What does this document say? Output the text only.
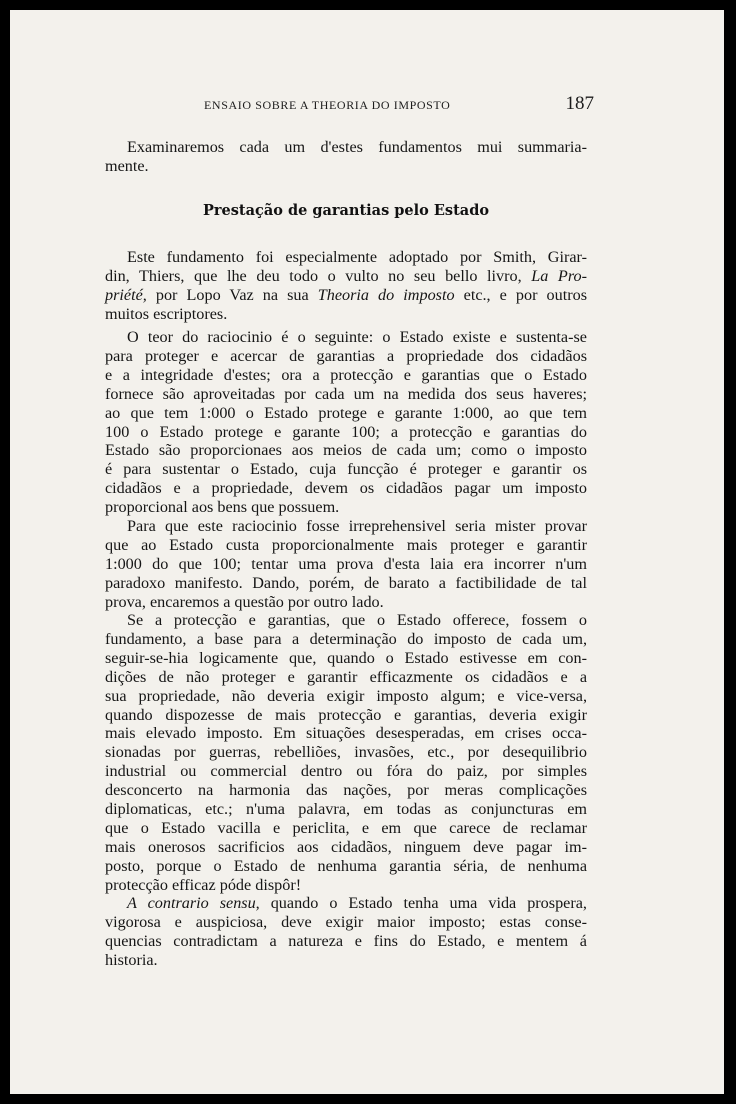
ENSAIO SOBRE A THEORIA DO IMPOSTO	187
Examinaremos cada um d'estes fundamentos mui summaria-
mente.
Prestação de garantias pelo Estado
Este fundamento foi especialmente adoptado por Smith, Girar-
din, Thiers, que lhe deu todo o vulto no seu bello livro, La Pro-
priété, por Lopo Vaz na sua Theoria do imposto etc., e por outros
muitos escriptores.
O teor do raciocinio é o seguinte: o Estado existe e sustenta-se
para proteger e acercar de garantias a propriedade dos cidadãos
e a integridade d'estes; ora a protecção e garantias que o Estado
fornece são aproveitadas por cada um na medida dos seus haveres;
ao que tem 1:000 o Estado protege e garante 1:000, ao que tem
100 o Estado protege e garante 100; a protecção e garantias do
Estado são proporcionaes aos meios de cada um; como o imposto
é para sustentar o Estado, cuja funcção é proteger e garantir os
cidadãos e a propriedade, devem os cidadãos pagar um imposto
proporcional aos bens que possuem.
Para que este raciocinio fosse irreprehensivel seria mister provar
que ao Estado custa proporcionalmente mais proteger e garantir
1:000 do que 100; tentar uma prova d'esta laia era incorrer n'um
paradoxo manifesto. Dando, porém, de barato a factibilidade de tal
prova, encaremos a questão por outro lado.
Se a protecção e garantias, que o Estado offerece, fossem o
fundamento, a base para a determinação do imposto de cada um,
seguir-se-hia logicamente que, quando o Estado estivesse em con-
dições de não proteger e garantir efficazmente os cidadãos e a
sua propriedade, não deveria exigir imposto algum; e vice-versa,
quando dispozesse de mais protecção e garantias, deveria exigir
mais elevado imposto. Em situações desesperadas, em crises occa-
sionadas por guerras, rebelliões, invasões, etc., por desequilibrio
industrial ou commercial dentro ou fóra do paiz, por simples
desconcerto na harmonia das nações, por meras complicações
diplomaticas, etc.; n'uma palavra, em todas as conjuncturas em
que o Estado vacilla e periclita, e em que carece de reclamar
mais onerosos sacrificios aos cidadãos, ninguem deve pagar im-
posto, porque o Estado de nenhuma garantia séria, de nenhuma
protecção efficaz póde dispôr!
A contrario sensu, quando o Estado tenha uma vida prospera,
vigorosa e auspiciosa, deve exigir maior imposto; estas conse-
quencias contradictam a natureza e fins do Estado, e mentem á
historia.
